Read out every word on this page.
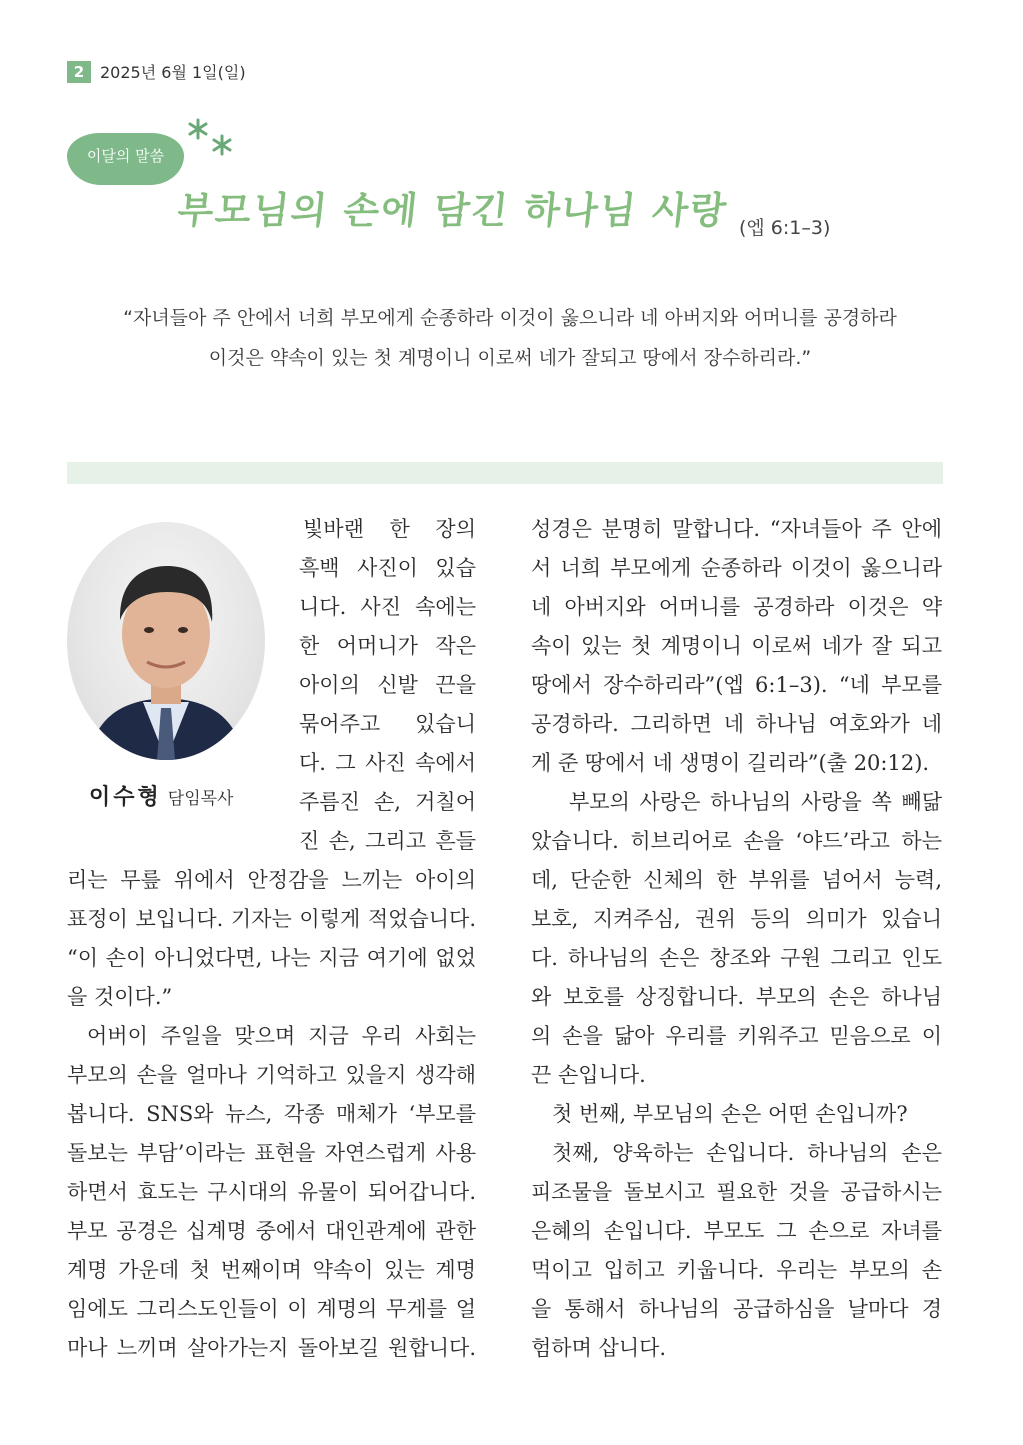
2 2025년 6월 1일(일)
이달의 말씀
부모님의 손에 담긴 하나님 사랑 (엡 6:1–3)
“자녀들아 주 안에서 너희 부모에게 순종하라 이것이 옳으니라 네 아버지와 어머니를 공경하라
이것은 약속이 있는 첫 계명이니 이로써 네가 잘되고 땅에서 장수하리라.”
이수형 담임목사
빛바랜 한 장의
흑백 사진이 있습
니다. 사진 속에는
한 어머니가 작은
아이의 신발 끈을
묶어주고 있습니
다. 그 사진 속에서
주름진 손, 거칠어
진 손, 그리고 흔들
리는 무릎 위에서 안정감을 느끼는 아이의
표정이 보입니다. 기자는 이렇게 적었습니다.
“이 손이 아니었다면, 나는 지금 여기에 없었
을 것이다.”
어버이 주일을 맞으며 지금 우리 사회는
부모의 손을 얼마나 기억하고 있을지 생각해
봅니다. SNS와 뉴스, 각종 매체가 ‘부모를
돌보는 부담’이라는 표현을 자연스럽게 사용
하면서 효도는 구시대의 유물이 되어갑니다.
부모 공경은 십계명 중에서 대인관계에 관한
계명 가운데 첫 번째이며 약속이 있는 계명
임에도 그리스도인들이 이 계명의 무게를 얼
마나 느끼며 살아가는지 돌아보길 원합니다.
성경은 분명히 말합니다. “자녀들아 주 안에
서 너희 부모에게 순종하라 이것이 옳으니라
네 아버지와 어머니를 공경하라 이것은 약
속이 있는 첫 계명이니 이로써 네가 잘 되고
땅에서 장수하리라”(엡 6:1–3). “네 부모를
공경하라. 그리하면 네 하나님 여호와가 네
게 준 땅에서 네 생명이 길리라”(출 20:12).
부모의 사랑은 하나님의 사랑을 쏙 빼닮
았습니다. 히브리어로 손을 ‘야드’라고 하는
데, 단순한 신체의 한 부위를 넘어서 능력,
보호, 지켜주심, 권위 등의 의미가 있습니
다. 하나님의 손은 창조와 구원 그리고 인도
와 보호를 상징합니다. 부모의 손은 하나님
의 손을 닮아 우리를 키워주고 믿음으로 이
끈 손입니다.
첫 번째, 부모님의 손은 어떤 손입니까?
첫째, 양육하는 손입니다. 하나님의 손은
피조물을 돌보시고 필요한 것을 공급하시는
은혜의 손입니다. 부모도 그 손으로 자녀를
먹이고 입히고 키웁니다. 우리는 부모의 손
을 통해서 하나님의 공급하심을 날마다 경
험하며 삽니다.
